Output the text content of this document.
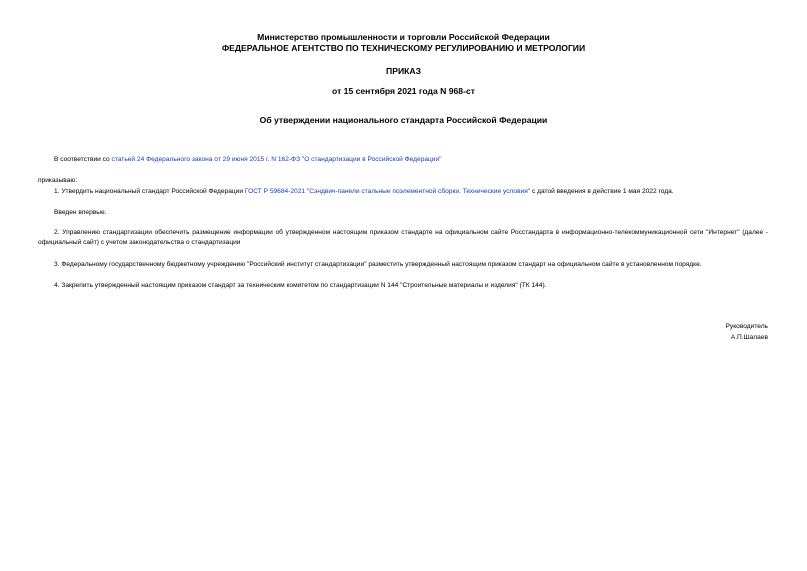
Министерство промышленности и торговли Российской Федерации
ФЕДЕРАЛЬНОЕ АГЕНТСТВО ПО ТЕХНИЧЕСКОМУ РЕГУЛИРОВАНИЮ И МЕТРОЛОГИИ
ПРИКАЗ
от 15 сентября 2021 года N 968-ст
Об утверждении национального стандарта Российской Федерации
В соответствии со статьей 24 Федерального закона от 29 июня 2015 г. N 162-ФЗ "О стандартизации в Российской Федерации"
приказываю:
1. Утвердить национальный стандарт Российской Федерации ГОСТ Р 59684-2021 "Сэндвич-панели стальные поэлементной сборки. Технические условия" с датой введения в действие 1 мая 2022 года.
Введен впервые.
2. Управлению стандартизации обеспечить размещение информации об утвержденном настоящим приказом стандарте на официальном сайте Росстандарта в информационно-телекоммуникационной сети "Интернет" (далее - официальный сайт) с учетом законодательства о стандартизации
3. Федеральному государственному бюджетному учреждению "Российский институт стандартизации" разместить утвержденный настоящим приказом стандарт на официальном сайте в установленном порядке.
4. Закрепить утвержденный настоящим приказом стандарт за техническим комитетом по стандартизации N 144 "Строительные материалы и изделия" (ТК 144).
Руководитель
А.П.Шалаев
